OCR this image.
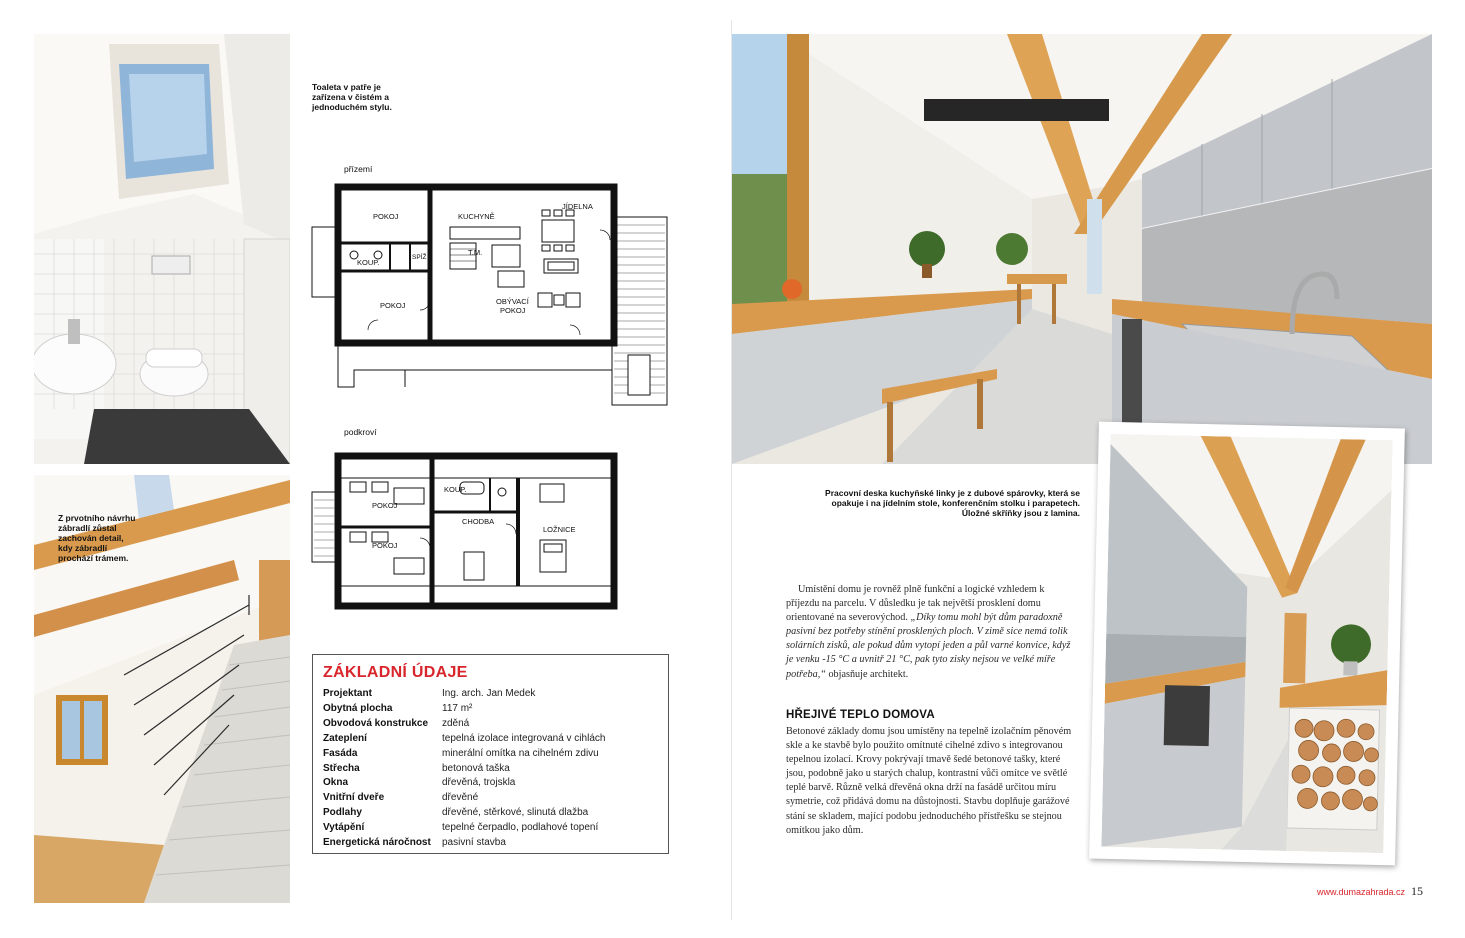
Toaleta v patře je zařízena v čistém a jednoduchém stylu.

Z prvotního návrhu zábradlí zůstal zachován detail, kdy zábradlí prochází trámem.

přízemí
POKOJ	KUCHYNĚ
JÍDELNA
KOUP.
SPÍŽ
T.M.
POKOJ	OBÝVACÍ
POKOJ
podkroví
POKOJ
KOUP.
POKOJ
CHODBA
LOŽNICE
ZÁKLADNÍ ÚDAJE
Projektant	Ing. arch. Jan Medek
Obytná plocha	117 m²
Obvodová konstrukce	zděná
Zateplení	tepelná izolace integrovaná v cihlách
Fasáda	minerální omítka na cihelném zdivu
Střecha	betonová taška
Okna	dřevěná, trojskla
Vnitřní dveře	dřevěné
Podlahy	dřevěné, stěrkové, slinutá dlažba
Vytápění	tepelné čerpadlo, podlahové topení
Energetická náročnost	pasivní stavba

Pracovní deska kuchyňské linky je z dubové spárovky, která se opakuje i na jídelním stole, konferenčním stolku i parapetech. Úložné skříňky jsou z lamina.

Umístění domu je rovněž plně funkční a logické vzhledem k příjezdu na parcelu. V důsledku je tak největší prosklení domu orientované na severovýchod. „Díky tomu mohl být dům paradoxně pasivní bez potřeby stínění prosklených ploch. V zimě sice nemá tolik solárních zisků, ale pokud dům vytopí jeden a půl varné konvice, když je venku -15 °C a uvnitř 21 °C, pak tyto zisky nejsou ve velké míře potřeba,“ objasňuje architekt.

HŘEJIVÉ TEPLO DOMOVA

Betonové základy domu jsou umístěny na tepelně izolačním pěnovém skle a ke stavbě bylo použito omítnuté cihelné zdivo s integrovanou tepelnou izolací. Krovy pokrývají tmavě šedé betonové tašky, které jsou, podobně jako u starých chalup, kontrastní vůči omítce ve světlé teplé barvě. Různě velká dřevěná okna drží na fasádě určitou míru symetrie, což přidává domu na důstojnosti. Stavbu doplňuje garážové stání se skladem, mající podobu jednoduchého přístřešku se stejnou omítkou jako dům.

www.dumazahrada.cz 15
